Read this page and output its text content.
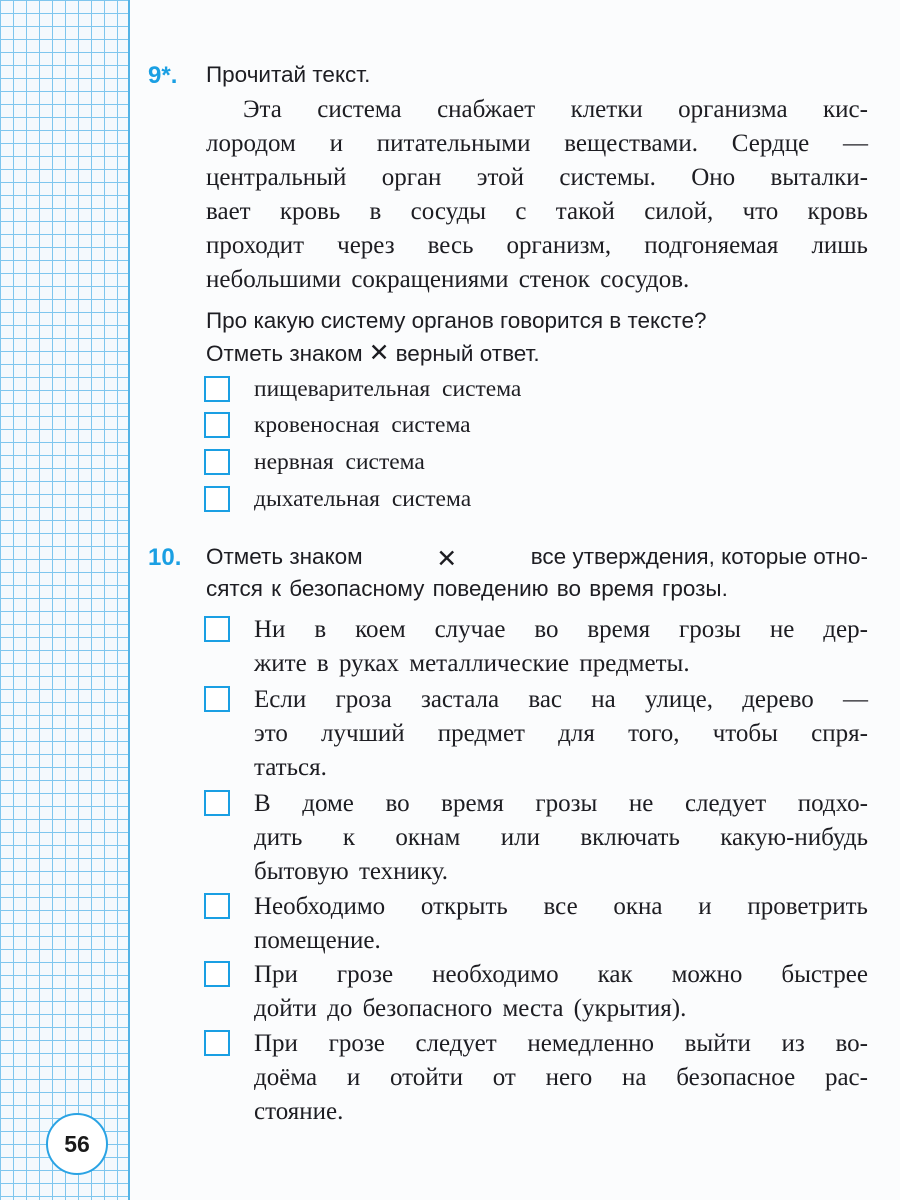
56
9*. Прочитай текст.
Эта система снабжает клетки организма кис-
лородом и питательными веществами. Сердце —
центральный орган этой системы. Оно выталки-
вает кровь в сосуды с такой силой, что кровь
проходит через весь организм, подгоняемая лишь
небольшими сокращениями стенок сосудов.
Про какую систему органов говорится в тексте?
Отметь знаком ✕ верный ответ.
пищеварительная система
кровеносная система
нервная система
дыхательная система
10. Отметь знаком	✕	все утверждения, которые отно-
сятся к безопасному поведению во время грозы.
Ни в коем случае во время грозы не дер-
жите в руках металлические предметы.
Если гроза застала вас на улице, дерево —
это лучший предмет для того, чтобы спря-
таться.
В доме во время грозы не следует подхо-
дить к окнам или включать какую-нибудь
бытовую технику.
Необходимо открыть все окна и проветрить
помещение.
При грозе необходимо как можно быстрее
дойти до безопасного места (укрытия).
При грозе следует немедленно выйти из во-
доёма и отойти от него на безопасное рас-
стояние.
